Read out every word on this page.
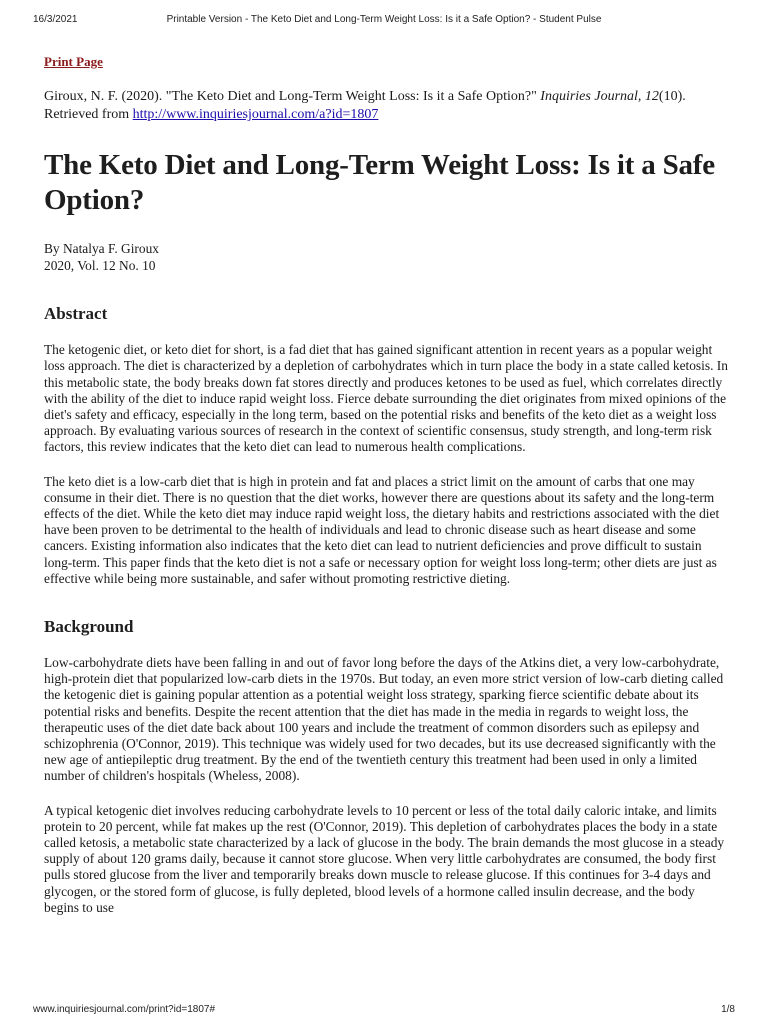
16/3/2021	Printable Version - The Keto Diet and Long-Term Weight Loss: Is it a Safe Option? - Student Pulse
Print Page
Giroux, N. F. (2020). "The Keto Diet and Long-Term Weight Loss: Is it a Safe Option?" Inquiries Journal, 12(10). Retrieved from http://www.inquiriesjournal.com/a?id=1807
The Keto Diet and Long-Term Weight Loss: Is it a Safe Option?
By Natalya F. Giroux
2020, Vol. 12 No. 10
Abstract

The ketogenic diet, or keto diet for short, is a fad diet that has gained significant attention in recent years as a popular weight loss approach. The diet is characterized by a depletion of carbohydrates which in turn place the body in a state called ketosis. In this metabolic state, the body breaks down fat stores directly and produces ketones to be used as fuel, which correlates directly with the ability of the diet to induce rapid weight loss. Fierce debate surrounding the diet originates from mixed opinions of the diet's safety and efficacy, especially in the long term, based on the potential risks and benefits of the keto diet as a weight loss approach. By evaluating various sources of research in the context of scientific consensus, study strength, and long-term risk factors, this review indicates that the keto diet can lead to numerous health complications.

The keto diet is a low-carb diet that is high in protein and fat and places a strict limit on the amount of carbs that one may consume in their diet. There is no question that the diet works, however there are questions about its safety and the long-term effects of the diet. While the keto diet may induce rapid weight loss, the dietary habits and restrictions associated with the diet have been proven to be detrimental to the health of individuals and lead to chronic disease such as heart disease and some cancers. Existing information also indicates that the keto diet can lead to nutrient deficiencies and prove difficult to sustain long-term. This paper finds that the keto diet is not a safe or necessary option for weight loss long-term; other diets are just as effective while being more sustainable, and safer without promoting restrictive dieting.

Background

Low-carbohydrate diets have been falling in and out of favor long before the days of the Atkins diet, a very low-carbohydrate, high-protein diet that popularized low-carb diets in the 1970s. But today, an even more strict version of low-carb dieting called the ketogenic diet is gaining popular attention as a potential weight loss strategy, sparking fierce scientific debate about its potential risks and benefits. Despite the recent attention that the diet has made in the media in regards to weight loss, the therapeutic uses of the diet date back about 100 years and include the treatment of common disorders such as epilepsy and schizophrenia (O'Connor, 2019). This technique was widely used for two decades, but its use decreased significantly with the new age of antiepileptic drug treatment. By the end of the twentieth century this treatment had been used in only a limited number of children's hospitals (Wheless, 2008).

A typical ketogenic diet involves reducing carbohydrate levels to 10 percent or less of the total daily caloric intake, and limits protein to 20 percent, while fat makes up the rest (O'Connor, 2019). This depletion of carbohydrates places the body in a state called ketosis, a metabolic state characterized by a lack of glucose in the body. The brain demands the most glucose in a steady supply of about 120 grams daily, because it cannot store glucose. When very little carbohydrates are consumed, the body first pulls stored glucose from the liver and temporarily breaks down muscle to release glucose. If this continues for 3-4 days and glycogen, or the stored form of glucose, is fully depleted, blood levels of a hormone called insulin decrease, and the body begins to use

www.inquiriesjournal.com/print?id=1807#	1/8
